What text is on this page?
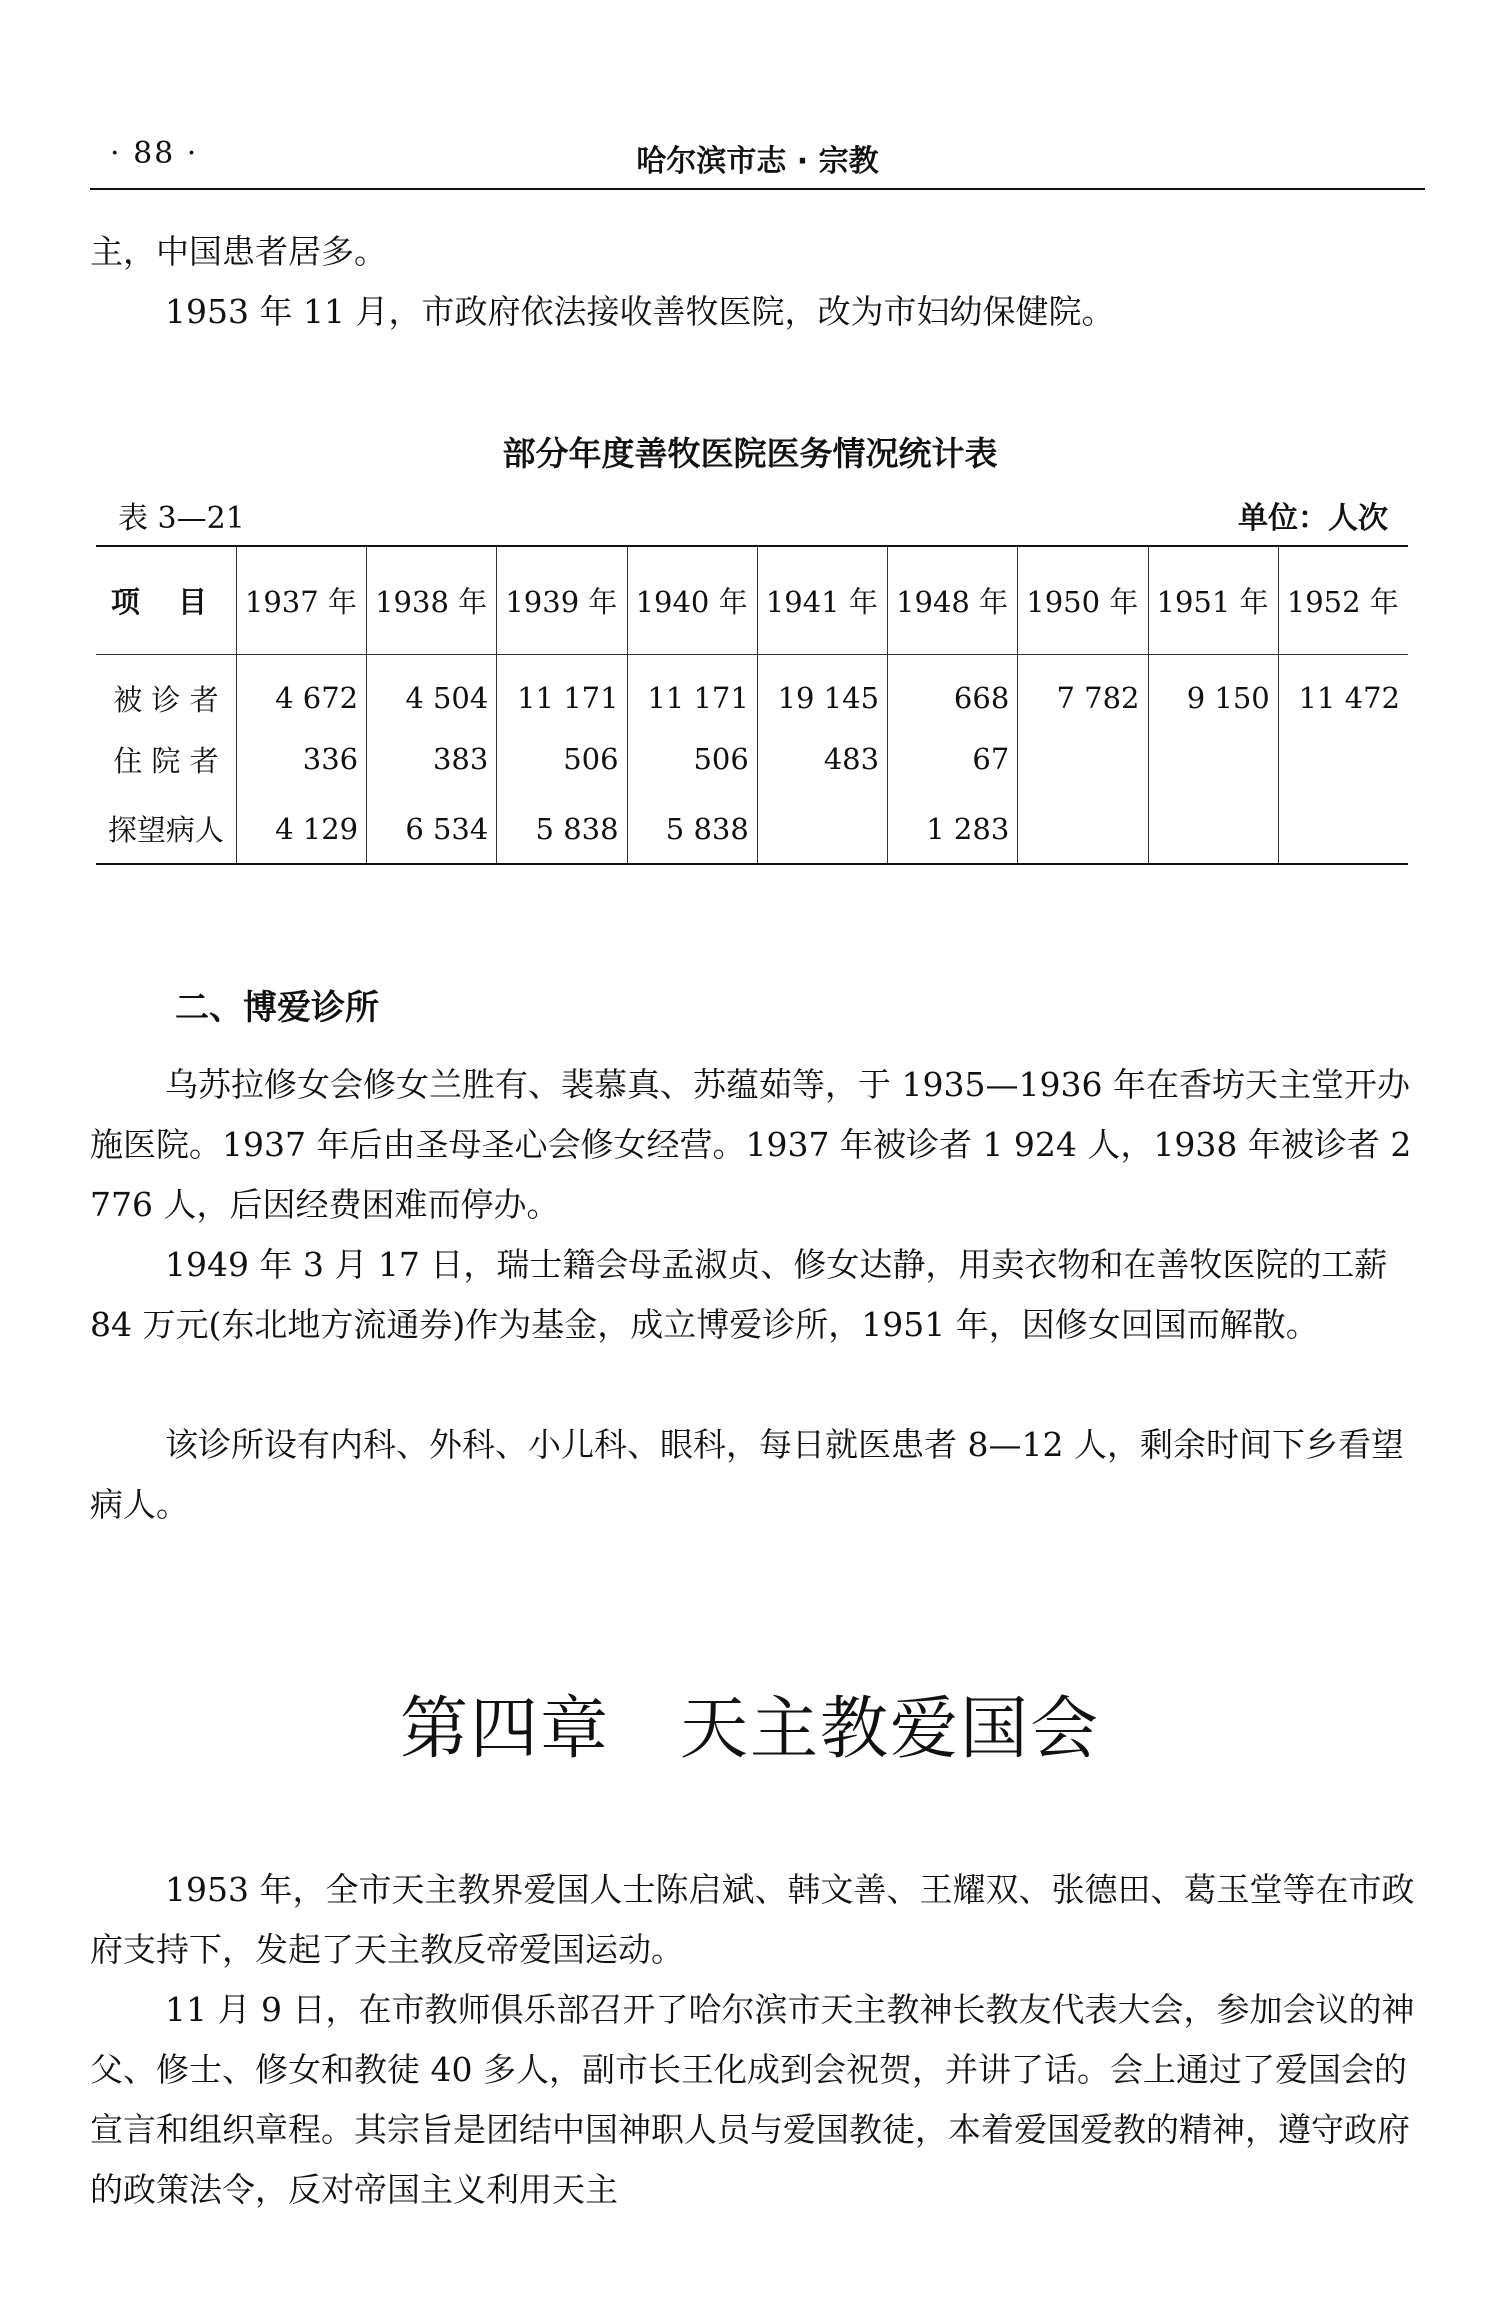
· 88 ·	哈尔滨市志 · 宗教

主，中国患者居多。

1953 年 11 月，市政府依法接收善牧医院，改为市妇幼保健院。

部分年度善牧医院医务情况统计表
表 3—21	单位：人次
项 目	1937 年	1938 年	1939 年	1940 年	1941 年	1948 年	1950 年	1951 年	1952 年
被 诊 者	4 672	4 504	11 171	11 171	19 145	668	7 782	9 150	11 472
住 院 者	336	383	506	506	483	67			
探望病人	4 129	6 534	5 838	5 838		1 283			
二、博爱诊所

乌苏拉修女会修女兰胜有、裴慕真、苏蕴茹等，于 1935—1936 年在香坊天主堂开办施医院。1937 年后由圣母圣心会修女经营。1937 年被诊者 1 924 人，1938 年被诊者 2 776 人，后因经费困难而停办。

1949 年 3 月 17 日，瑞士籍会母孟淑贞、修女达静，用卖衣物和在善牧医院的工薪 84 万元(东北地方流通券)作为基金，成立博爱诊所，1951 年，因修女回国而解散。

该诊所设有内科、外科、小儿科、眼科，每日就医患者 8—12 人，剩余时间下乡看望病人。

第四章　天主教爱国会

1953 年，全市天主教界爱国人士陈启斌、韩文善、王耀双、张德田、葛玉堂等在市政府支持下，发起了天主教反帝爱国运动。

11 月 9 日，在市教师俱乐部召开了哈尔滨市天主教神长教友代表大会，参加会议的神父、修士、修女和教徒 40 多人，副市长王化成到会祝贺，并讲了话。会上通过了爱国会的宣言和组织章程。其宗旨是团结中国神职人员与爱国教徒，本着爱国爱教的精神，遵守政府的政策法令，反对帝国主义利用天主
